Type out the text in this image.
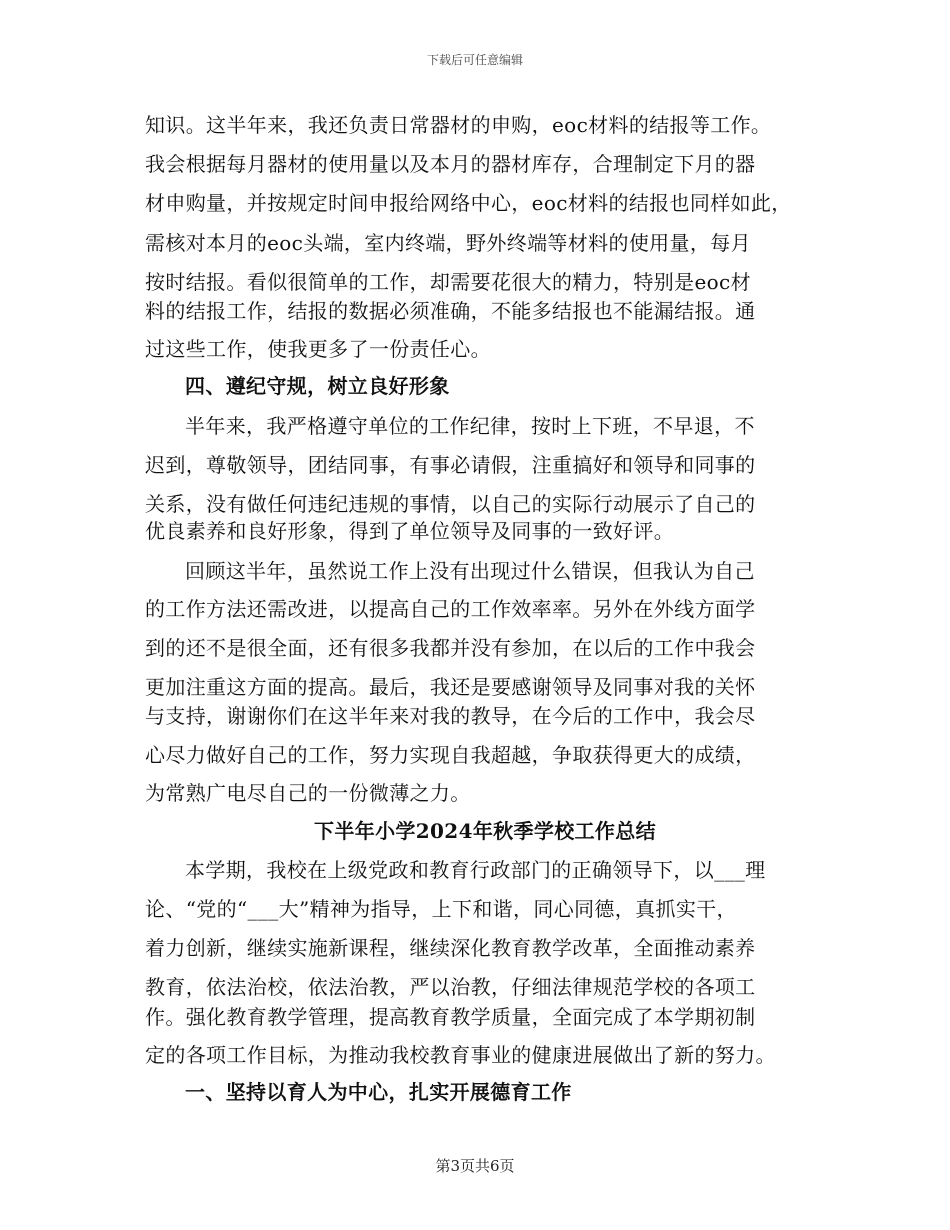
下载后可任意编辑
知识。这半年来，我还负责日常器材的申购，eoc材料的结报等工作。
我会根据每月器材的使用量以及本月的器材库存，合理制定下月的器
材申购量，并按规定时间申报给网络中心，eoc材料的结报也同样如此，
需核对本月的eoc头端，室内终端，野外终端等材料的使用量，每月
按时结报。看似很简单的工作，却需要花很大的精力，特别是eoc材
料的结报工作，结报的数据必须准确，不能多结报也不能漏结报。通
过这些工作，使我更多了一份责任心。
四、遵纪守规，树立良好形象
半年来，我严格遵守单位的工作纪律，按时上下班，不早退，不
迟到，尊敬领导，团结同事，有事必请假，注重搞好和领导和同事的
关系，没有做任何违纪违规的事情，以自己的实际行动展示了自己的
优良素养和良好形象，得到了单位领导及同事的一致好评。
回顾这半年，虽然说工作上没有出现过什么错误，但我认为自己
的工作方法还需改进，以提高自己的工作效率率。另外在外线方面学
到的还不是很全面，还有很多我都并没有参加，在以后的工作中我会
更加注重这方面的提高。最后，我还是要感谢领导及同事对我的关怀
与支持，谢谢你们在这半年来对我的教导，在今后的工作中，我会尽
心尽力做好自己的工作，努力实现自我超越，争取获得更大的成绩，
为常熟广电尽自己的一份微薄之力。
下半年小学2024年秋季学校工作总结
本学期，我校在上级党政和教育行政部门的正确领导下，以___理
论、“党的“___大”精神为指导，上下和谐，同心同德，真抓实干，
着力创新，继续实施新课程，继续深化教育教学改革，全面推动素养
教育，依法治校，依法治教，严以治教，仔细法律规范学校的各项工
作。强化教育教学管理，提高教育教学质量，全面完成了本学期初制
定的各项工作目标，为推动我校教育事业的健康进展做出了新的努力。
一、坚持以育人为中心，扎实开展德育工作
第3页共6页
